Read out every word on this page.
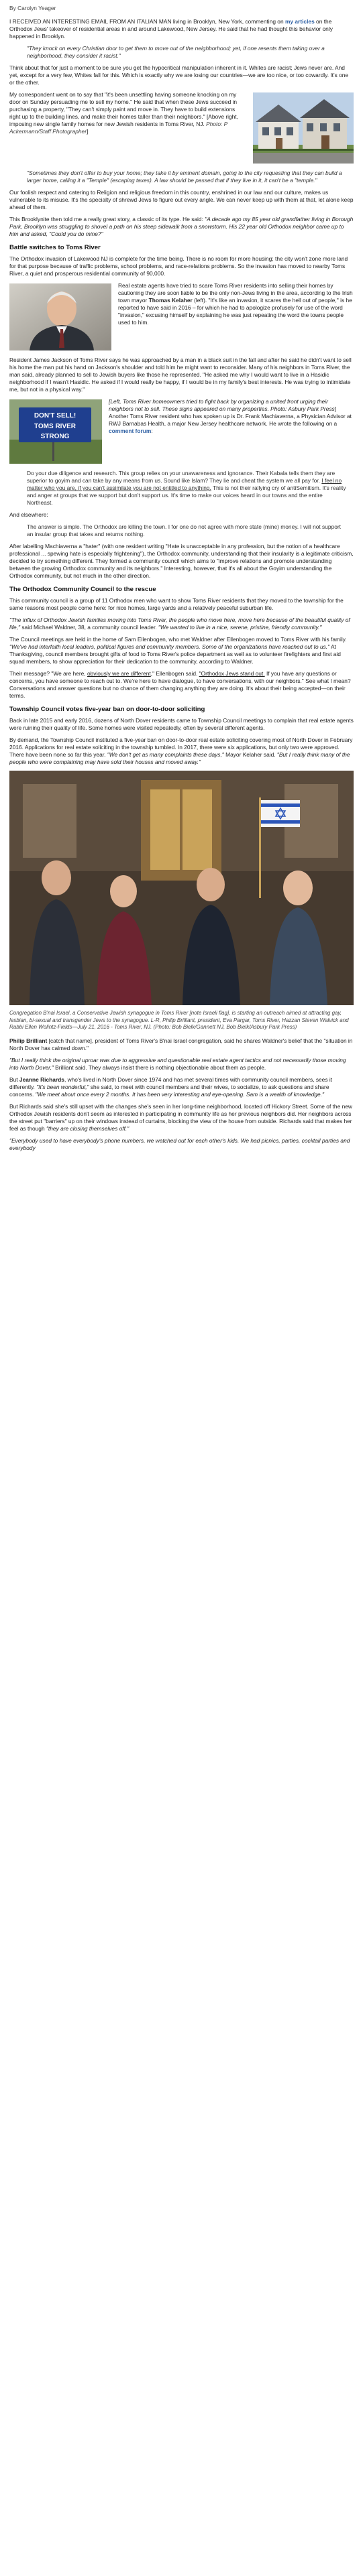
By Carolyn Yeager

I RECEIVED AN INTERESTING EMAIL FROM AN ITALIAN MAN living in Brooklyn, New York, commenting on my articles on the Orthodox Jews' takeover of residential areas in and around Lakewood, New Jersey. He said that he had thought this behavior only happened in Brooklyn.

"They knock on every Christian door to get them to move out of the neighborhood; yet, if one resents them taking over a neighborhood, they consider it racist."

Think about that for just a moment to be sure you get the hypocritical manipulation inherent in it. Whites are racist; Jews never are. And yet, except for a very few, Whites fall for this. Which is exactly why we are losing our countries—we are too nice, or too cowardly. It's one or the other.

My correspondent went on to say that "it's been unsettling having someone knocking on my door on Sunday persuading me to sell my home." He said that when these Jews succeed in purchasing a property, "They can't simply paint and move in. They have to build extensions right up to the building lines, and make their homes taller than their neighbors." [Above right, imposing new single family homes for new Jewish residents in Toms River, NJ. Photo: P Ackermann/Staff Photographer]

"Sometimes they don't offer to buy your home; they take it by eminent domain, going to the city requesting that they can build a larger home, calling it a "Temple" (escaping taxes). A law should be passed that if they live in it, it can't be a "temple."

Our foolish respect and catering to Religion and religious freedom in this country, enshrined in our law and our culture, makes us vulnerable to its misuse. It's the specialty of shrewd Jews to figure out every angle. We can never keep up with them at that, let alone keep ahead of them.

This Brooklynite then told me a really great story, a classic of its type. He said: "A decade ago my 85 year old grandfather living in Borough Park, Brooklyn was struggling to shovel a path on his steep sidewalk from a snowstorm. His 22 year old Orthodox neighbor came up to him and asked, "Could you do mine?"

Battle switches to Toms River

The Orthodox invasion of Lakewood NJ is complete for the time being. There is no room for more housing; the city won't zone more land for that purpose because of traffic problems, school problems, and race-relations problems. So the invasion has moved to nearby Toms River, a quiet and prosperous residential community of 90,000.

Real estate agents have tried to scare Toms River residents into selling their homes by cautioning they are soon liable to be the only non-Jews living in the area, according to the Irish town mayor Thomas Kelaher (left). "It's like an invasion, it scares the hell out of people," is he reported to have said in 2016 – for which he had to apologize profusely for use of the word "invasion," excusing himself by explaining he was just repeating the word the towns people used to him.

Resident James Jackson of Toms River says he was approached by a man in a black suit in the fall and after he said he didn't want to sell his home the man put his hand on Jackson's shoulder and told him he might want to reconsider. Many of his neighbors in Toms River, the man said, already planned to sell to Jewish buyers like those he represented. "He asked me why I would want to live in a Hasidic neighborhood if I wasn't Hasidic. He asked if I would really be happy, if I would be in my family's best interests. He was trying to intimidate me, but not in a physical way."

DON'T SELL!
TOMS RIVER
STRONG

[Left, Toms River homeowners tried to fight back by organizing a united front urging their neighbors not to sell. These signs appeared on many properties. Photo: Asbury Park Press] Another Toms River resident who has spoken up is Dr. Frank Machiaverna, a Physician Advisor at RWJ Barnabas Health, a major New Jersey healthcare network. He wrote the following on a comment forum:

Do your due diligence and research. This group relies on your unawareness and ignorance. Their Kabala tells them they are superior to goyim and can take by any means from us. Sound like Islam? They lie and cheat the system we all pay for. I feel no matter who you are, if you can't assimilate you are not entitled to anything. This is not their rallying cry of antiSemitism. It's reality and anger at groups that we support but don't support us. It's time to make our voices heard in our towns and the entire Northeast.

And elsewhere:

The answer is simple. The Orthodox are killing the town. I for one do not agree with more state (mine) money. I will not support an insular group that takes and returns nothing.

After labelling Machiaverna a "hater" (with one resident writing "Hate is unacceptable in any profession, but the notion of a healthcare professional ... spewing hate is especially frightening"), the Orthodox community, understanding that their insularity is a legitimate criticism, decided to try something different. They formed a community council which aims to "improve relations and promote understanding between the growing Orthodox community and its neighbors." Interesting, however, that it's all about the Goyim understanding the Orthodox community, but not much in the other direction.

The Orthodox Community Council to the rescue

This community council is a group of 11 Orthodox men who want to show Toms River residents that they moved to the township for the same reasons most people come here: for nice homes, large yards and a relatively peaceful suburban life.

"The influx of Orthodox Jewish families moving into Toms River, the people who move here, move here because of the beautiful quality of life," said Michael Waldner, 38, a community council leader. "We wanted to live in a nice, serene, pristine, friendly community."

The Council meetings are held in the home of Sam Ellenbogen, who met Waldner after Ellenbogen moved to Toms River with his family. "We've had interfaith local leaders, political figures and community members. Some of the organizations have reached out to us." At Thanksgiving, council members brought gifts of food to Toms River's police department as well as to volunteer firefighters and first aid squad members, to show appreciation for their dedication to the community, according to Waldner.

Their message? "We are here, obviously we are different," Ellenbogen said. "Orthodox Jews stand out. If you have any questions or concerns, you have someone to reach out to. We're here to have dialogue, to have conversations, with our neighbors." See what I mean? Conversations and answer questions but no chance of them changing anything they are doing. It's about their being accepted—on their terms.

Township Council votes five-year ban on door-to-door soliciting

Back in late 2015 and early 2016, dozens of North Dover residents came to Township Council meetings to complain that real estate agents were ruining their quality of life. Some homes were visited repeatedly, often by several different agents.

By demand, the Township Council instituted a five-year ban on door-to-door real estate soliciting covering most of North Dover in February 2016. Applications for real estate soliciting in the township tumbled. In 2017, there were six applications, but only two were approved. There have been none so far this year. "We don't get as many complaints these days," Mayor Kelaher said. "But I really think many of the people who were complaining may have sold their houses and moved away."

Congregation B'nai Israel, a Conservative Jewish synagogue in Toms River [note Israeli flag], is starting an outreach aimed at attracting gay, lesbian, bi-sexual and transgender Jews to the synagogue. L-R, Philip Brilliant, president, Eva Pargar, Toms River, Hazzan Steven Walvick and Rabbi Ellen Wolintz-Fields—July 21, 2016 - Toms River, NJ. (Photo: Bob Bielk/Gannett NJ, Bob Bielk/Asbury Park Press)

Philip Brilliant [catch that name], president of Toms River's B'nai Israel congregation, said he shares Waldner's belief that the "situation in North Dover has calmed down."

"But I really think the original uproar was due to aggressive and questionable real estate agent tactics and not necessarily those moving into North Dover," Brilliant said. They always insist there is nothing objectionable about them as people.

But Jeanne Richards, who's lived in North Dover since 1974 and has met several times with community council members, sees it differently. "It's been wonderful," she said, to meet with council members and their wives, to socialize, to ask questions and share concerns. "We meet about once every 2 months. It has been very interesting and eye-opening. Sam is a wealth of knowledge."

But Richards said she's still upset with the changes she's seen in her long-time neighborhood, located off Hickory Street. Some of the new Orthodox Jewish residents don't seem as interested in participating in community life as her previous neighbors did. Her neighbors across the street put "barriers" up on their windows instead of curtains, blocking the view of the house from outside. Richards said that makes her feel as though "they are closing themselves off."

"Everybody used to have everybody's phone numbers, we watched out for each other's kids. We had picnics, parties, cocktail parties and everybody
